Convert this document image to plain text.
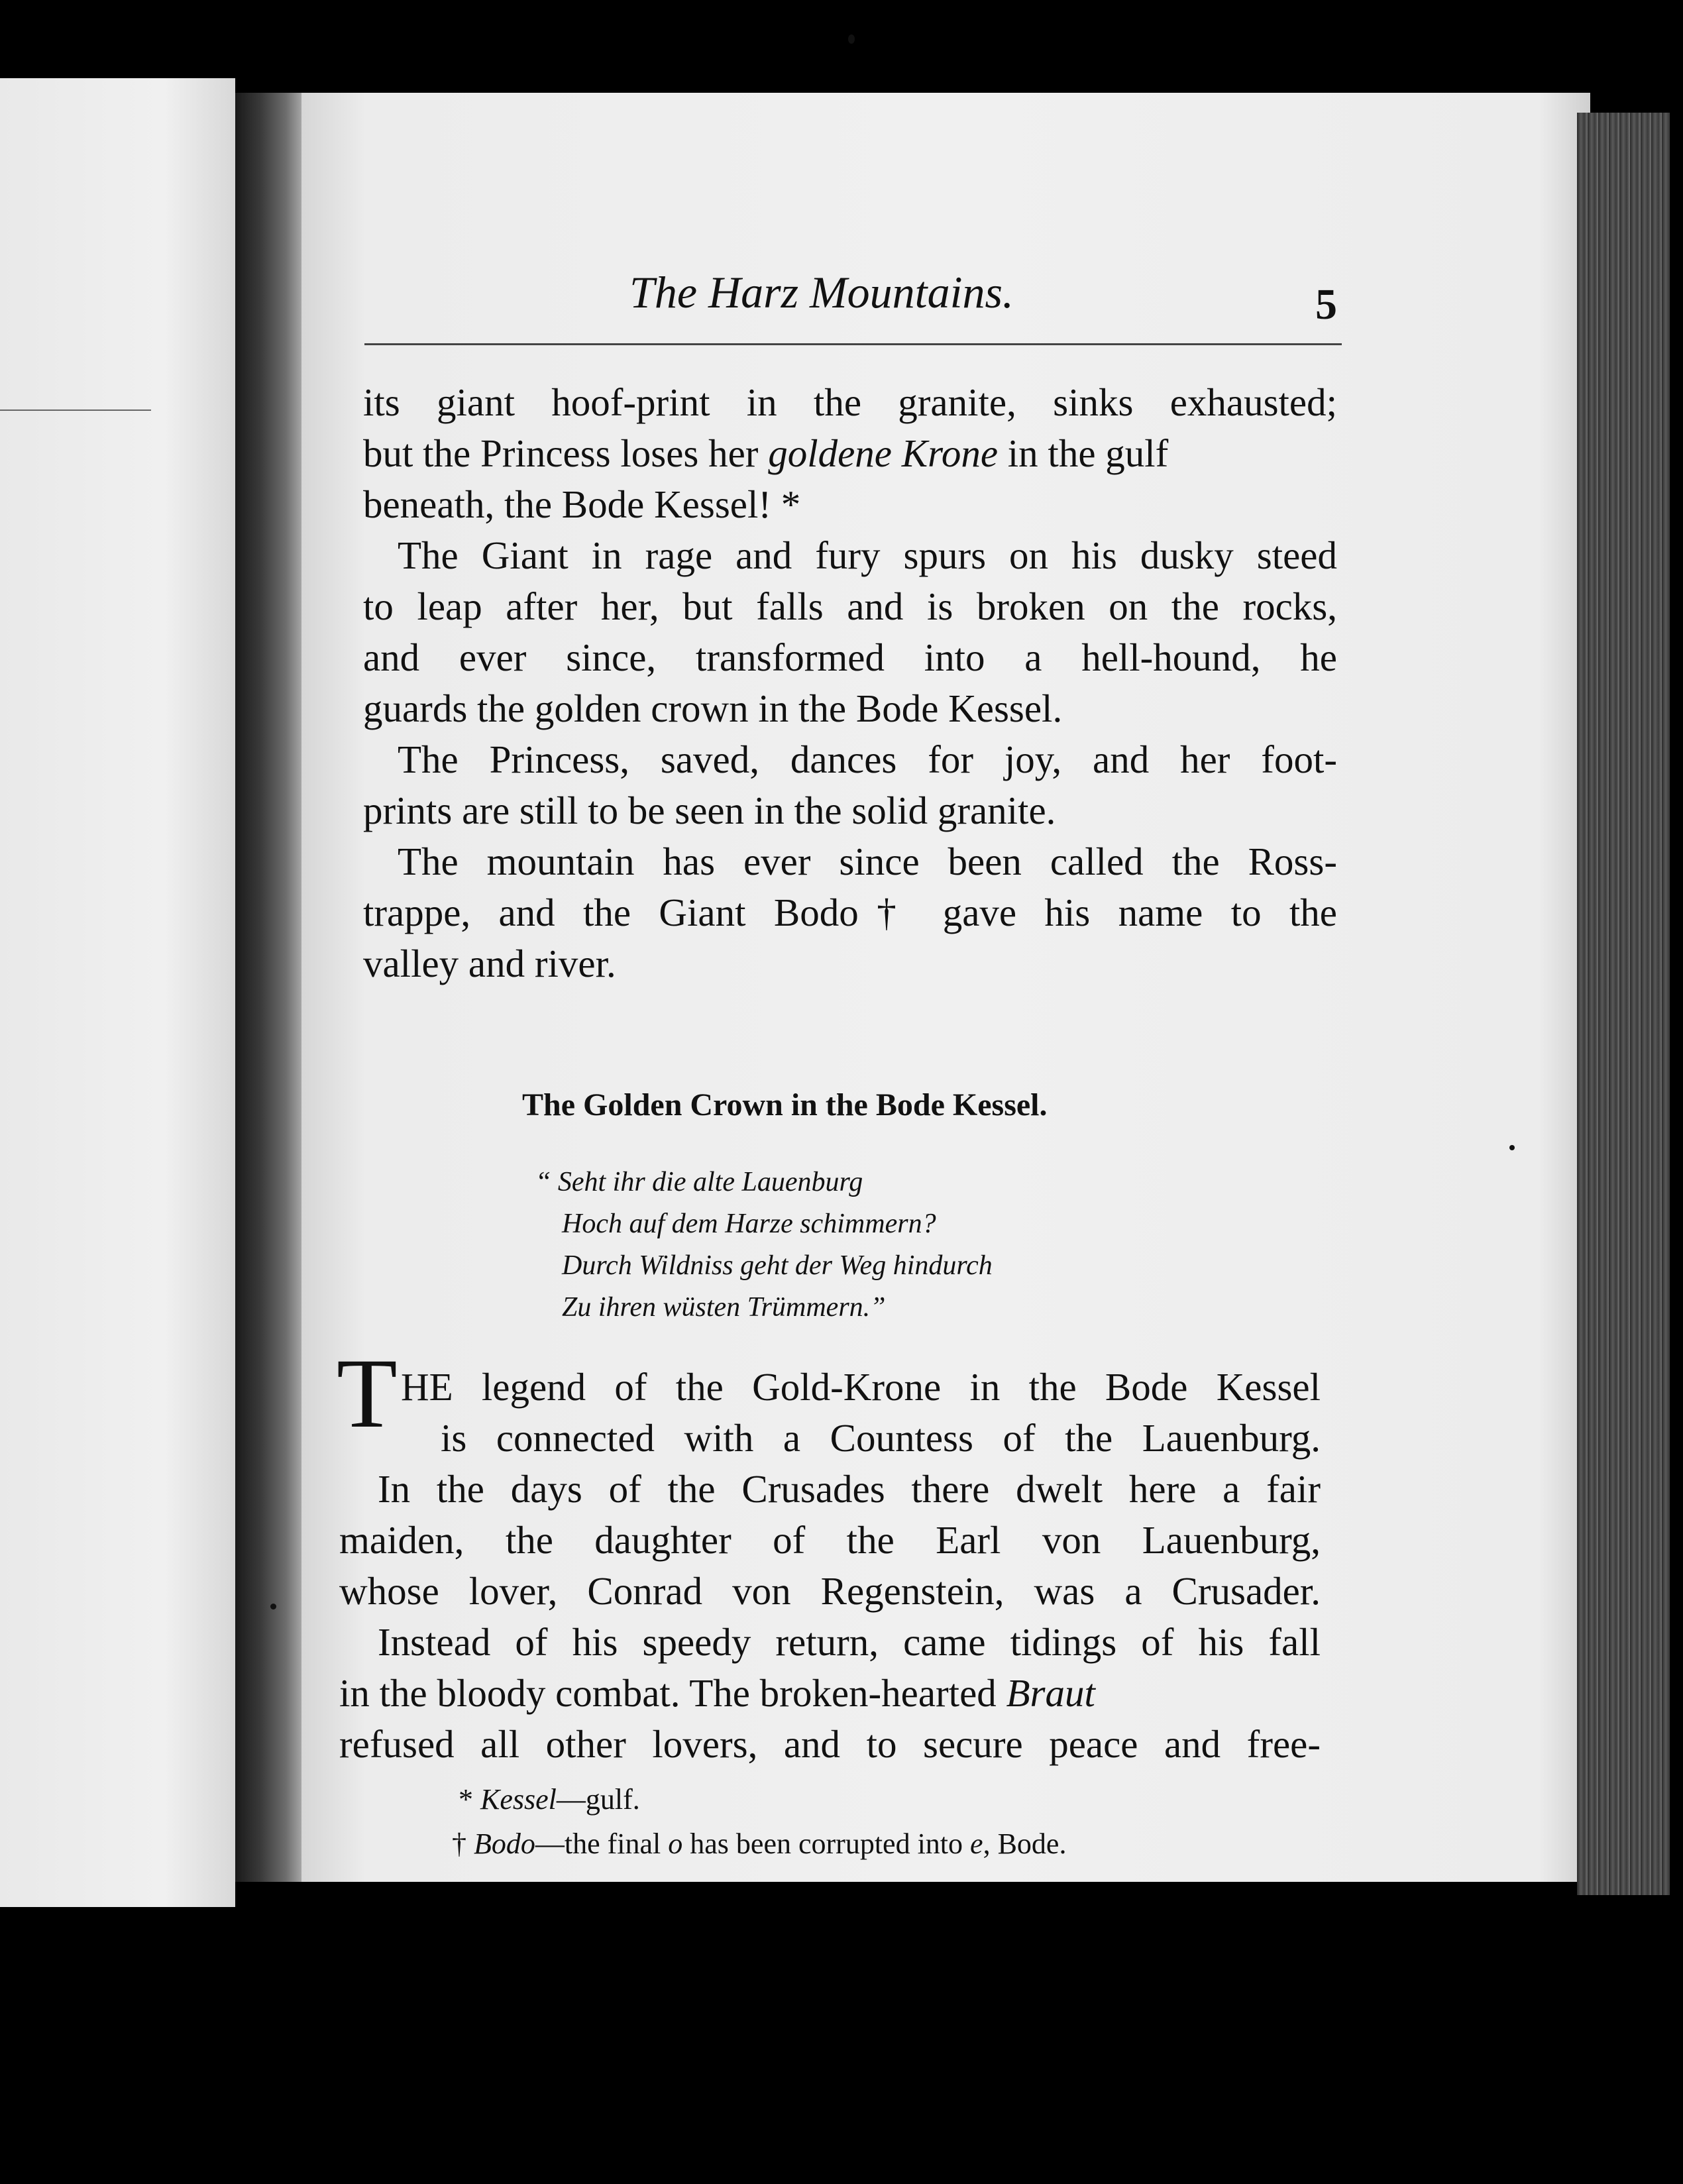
The Harz Mountains.	5
its giant hoof-print in the granite, sinks exhausted;
but the Princess loses her goldene Krone in the gulf
beneath, the Bode Kessel! *
The Giant in rage and fury spurs on his dusky steed
to leap after her, but falls and is broken on the rocks,
and ever since, transformed into a hell-hound, he
guards the golden crown in the Bode Kessel.
The Princess, saved, dances for joy, and her foot-
prints are still to be seen in the solid granite.
The mountain has ever since been called the Ross-
trappe, and the Giant Bodo† gave his name to the
valley and river.
The Golden Crown in the Bode Kessel.
“ Seht ihr die alte Lauenburg
Hoch auf dem Harze schimmern?
Durch Wildniss geht der Weg hindurch
Zu ihren wüsten Trümmern.”
T HE legend of the Gold-Krone in the Bode Kessel
is connected with a Countess of the Lauenburg.
In the days of the Crusades there dwelt here a fair
maiden, the daughter of the Earl von Lauenburg,
whose lover, Conrad von Regenstein, was a Crusader.
Instead of his speedy return, came tidings of his fall
in the bloody combat. The broken-hearted Braut
refused all other lovers, and to secure peace and free-
* Kessel—gulf.
† Bodo—the final o has been corrupted into e, Bode.
